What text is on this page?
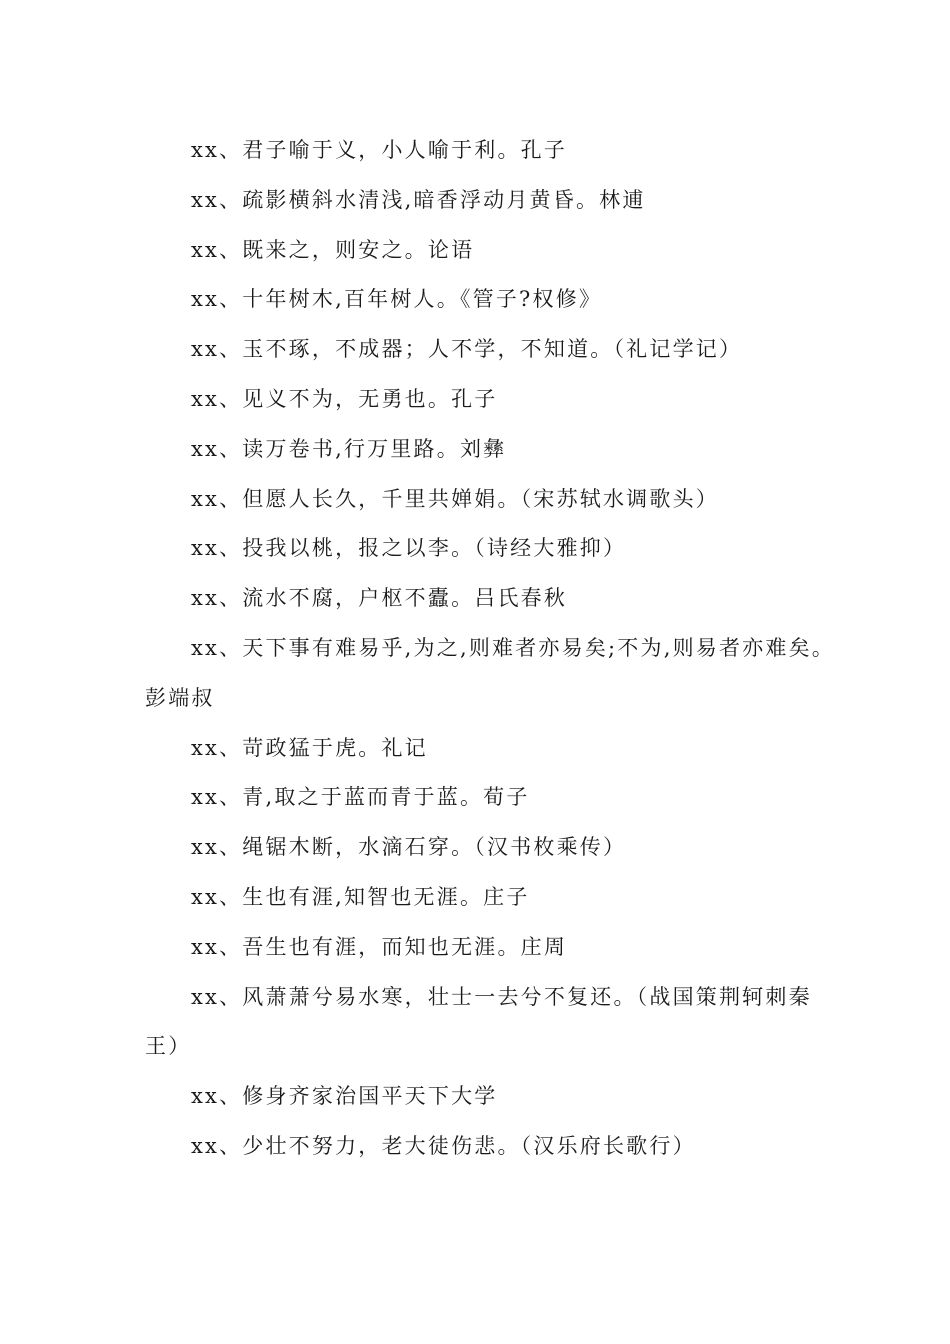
xx、君子喻于义，小人喻于利。孔子

xx、疏影横斜水清浅,暗香浮动月黄昏。林逋

xx、既来之，则安之。论语

xx、十年树木,百年树人。《管子?权修》

xx、玉不琢，不成器；人不学，不知道。（礼记学记）

xx、见义不为，无勇也。孔子

xx、读万卷书,行万里路。刘彝

xx、但愿人长久，千里共婵娟。（宋苏轼水调歌头）

xx、投我以桃，报之以李。（诗经大雅抑）

xx、流水不腐，户枢不蠹。吕氏春秋

xx、天下事有难易乎,为之,则难者亦易矣;不为,则易者亦难矣。彭端叔

xx、苛政猛于虎。礼记

xx、青,取之于蓝而青于蓝。荀子

xx、绳锯木断，水滴石穿。（汉书枚乘传）

xx、生也有涯,知智也无涯。庄子

xx、吾生也有涯，而知也无涯。庄周

xx、风萧萧兮易水寒，壮士一去兮不复还。（战国策荆轲刺秦王）

xx、修身齐家治国平天下大学

xx、少壮不努力，老大徒伤悲。（汉乐府长歌行）
